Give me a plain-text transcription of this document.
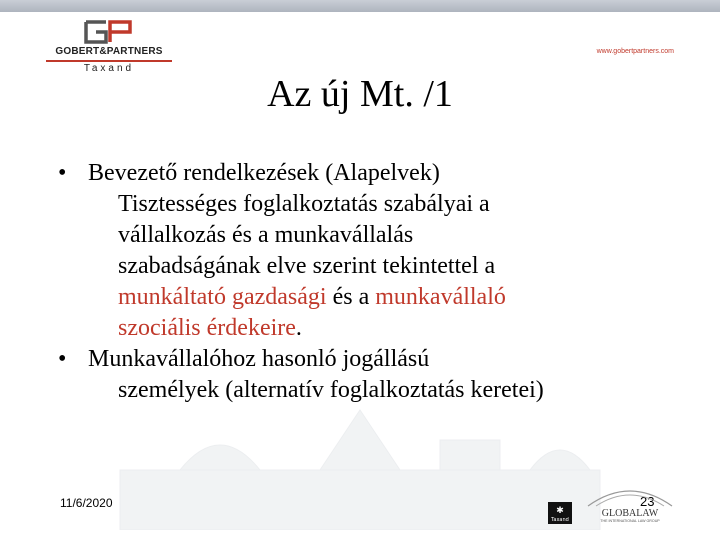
GOBERT&PARTNERS
Taxand
www.gobertpartners.com
Az új Mt. /1
• Bevezető rendelkezések (Alapelvek)
Tisztességes foglalkoztatás szabályai a
vállalkozás és a munkavállalás
szabadságának elve szerint tekintettel a
munkáltató gazdasági és a munkavállaló
szociális érdekeire.
• Munkavállalóhoz hasonló jogállású
személyek (alternatív foglalkoztatás keretei)
11/6/2020	23
✱
Taxand
GLOBALAW
THE INTERNATIONAL LAW GROUP
